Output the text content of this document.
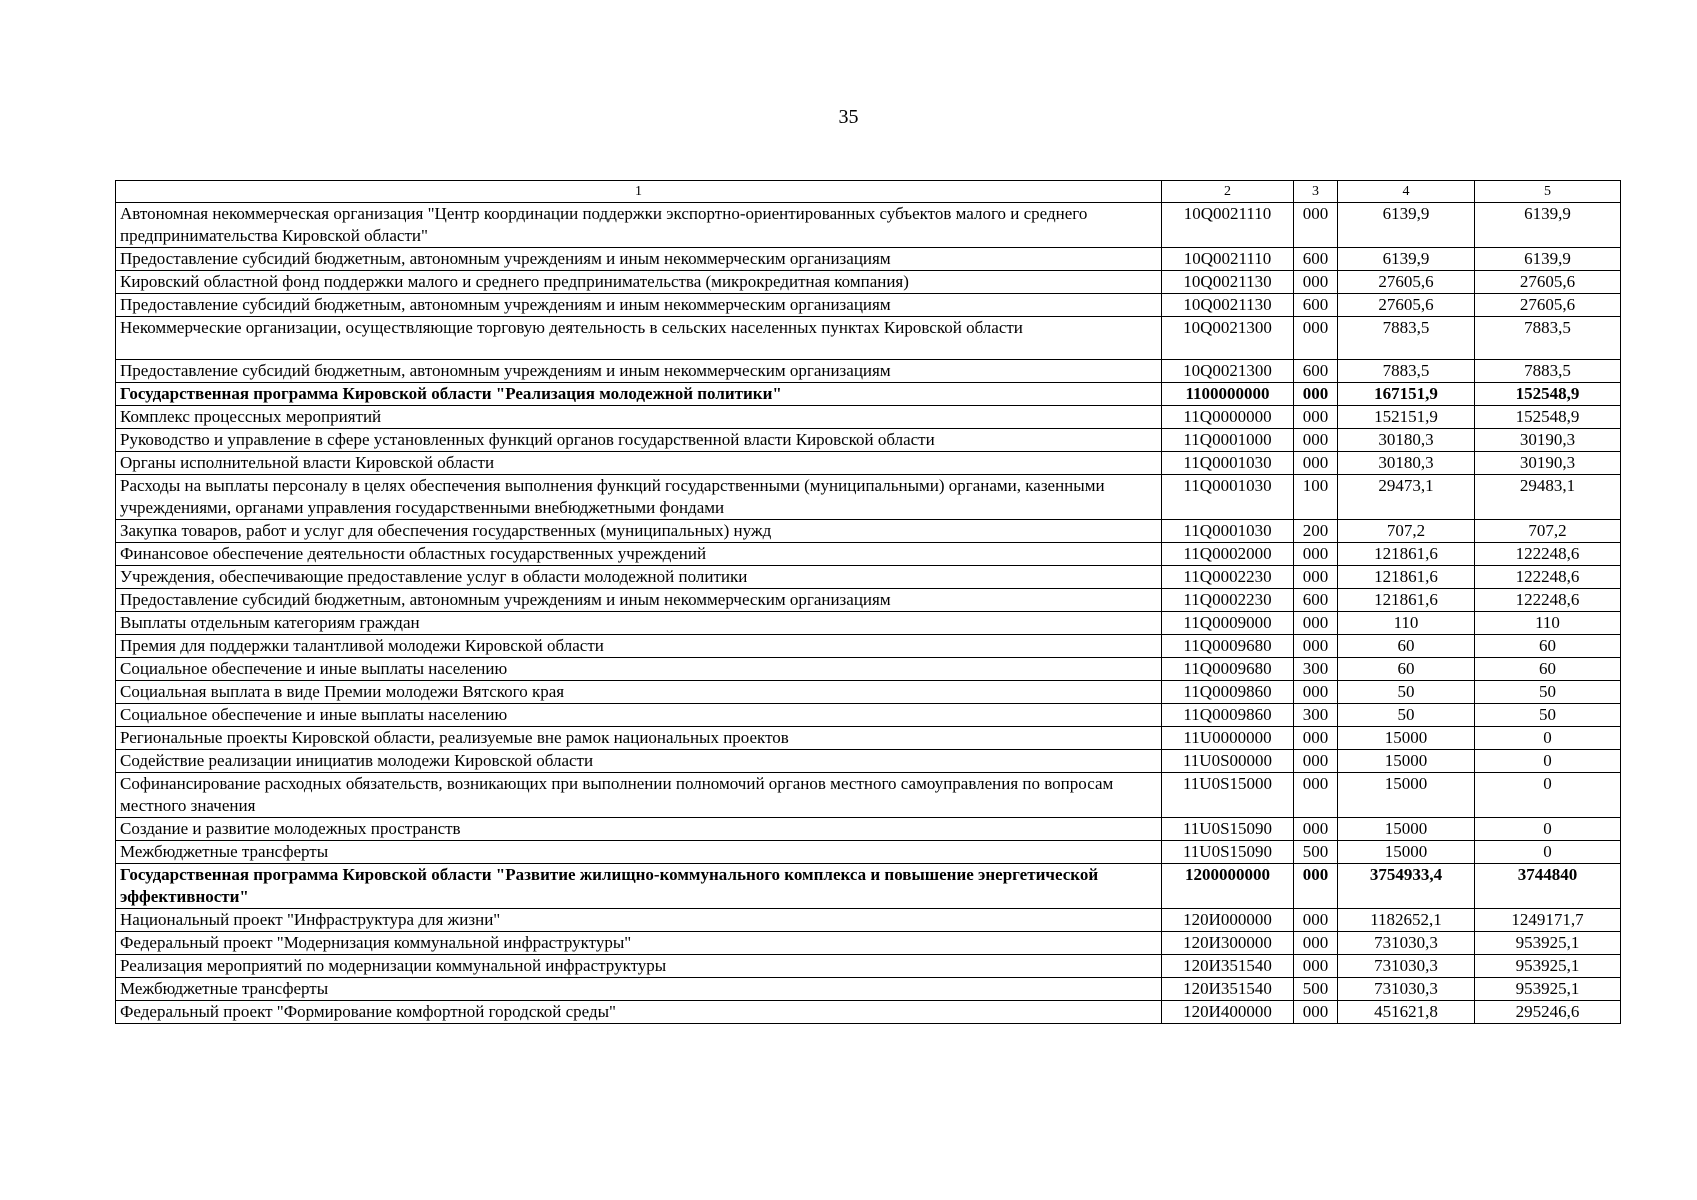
35
1	2	3	4	5
Автономная некоммерческая организация "Центр координации поддержки экспортно-ориентированных субъектов малого и среднего предпринимательства Кировской области"	10Q0021110	000	6139,9	6139,9
Предоставление субсидий бюджетным, автономным учреждениям и иным некоммерческим организациям	10Q0021110	600	6139,9	6139,9
Кировский областной фонд поддержки малого и среднего предпринимательства (микрокредитная компания)	10Q0021130	000	27605,6	27605,6
Предоставление субсидий бюджетным, автономным учреждениям и иным некоммерческим организациям	10Q0021130	600	27605,6	27605,6
Некоммерческие организации, осуществляющие торговую деятельность в сельских населенных пунктах Кировской области	10Q0021300	000	7883,5	7883,5
Предоставление субсидий бюджетным, автономным учреждениям и иным некоммерческим организациям	10Q0021300	600	7883,5	7883,5
Государственная программа Кировской области "Реализация молодежной политики"	1100000000	000	167151,9	152548,9
Комплекс процессных мероприятий	11Q0000000	000	152151,9	152548,9
Руководство и управление в сфере установленных функций органов государственной власти Кировской области	11Q0001000	000	30180,3	30190,3
Органы исполнительной власти Кировской области	11Q0001030	000	30180,3	30190,3
Расходы на выплаты персоналу в целях обеспечения выполнения функций государственными (муниципальными) органами, казенными учреждениями, органами управления государственными внебюджетными фондами	11Q0001030	100	29473,1	29483,1
Закупка товаров, работ и услуг для обеспечения государственных (муниципальных) нужд	11Q0001030	200	707,2	707,2
Финансовое обеспечение деятельности областных государственных учреждений	11Q0002000	000	121861,6	122248,6
Учреждения, обеспечивающие предоставление услуг в области молодежной политики	11Q0002230	000	121861,6	122248,6
Предоставление субсидий бюджетным, автономным учреждениям и иным некоммерческим организациям	11Q0002230	600	121861,6	122248,6
Выплаты отдельным категориям граждан	11Q0009000	000	110	110
Премия для поддержки талантливой молодежи Кировской области	11Q0009680	000	60	60
Социальное обеспечение и иные выплаты населению	11Q0009680	300	60	60
Социальная выплата в виде Премии молодежи Вятского края	11Q0009860	000	50	50
Социальное обеспечение и иные выплаты населению	11Q0009860	300	50	50
Региональные проекты Кировской области, реализуемые вне рамок национальных проектов	11U0000000	000	15000	0
Содействие реализации инициатив молодежи Кировской области	11U0S00000	000	15000	0
Софинансирование расходных обязательств, возникающих при выполнении полномочий органов местного самоуправления по вопросам местного значения	11U0S15000	000	15000	0
Создание и развитие молодежных пространств	11U0S15090	000	15000	0
Межбюджетные трансферты	11U0S15090	500	15000	0
Государственная программа Кировской области "Развитие жилищно-коммунального комплекса и повышение энергетической эффективности"	1200000000	000	3754933,4	3744840
Национальный проект "Инфраструктура для жизни"	120И000000	000	1182652,1	1249171,7
Федеральный проект "Модернизация коммунальной инфраструктуры"	120И300000	000	731030,3	953925,1
Реализация мероприятий по модернизации коммунальной инфраструктуры	120И351540	000	731030,3	953925,1
Межбюджетные трансферты	120И351540	500	731030,3	953925,1
Федеральный проект "Формирование комфортной городской среды"	120И400000	000	451621,8	295246,6
